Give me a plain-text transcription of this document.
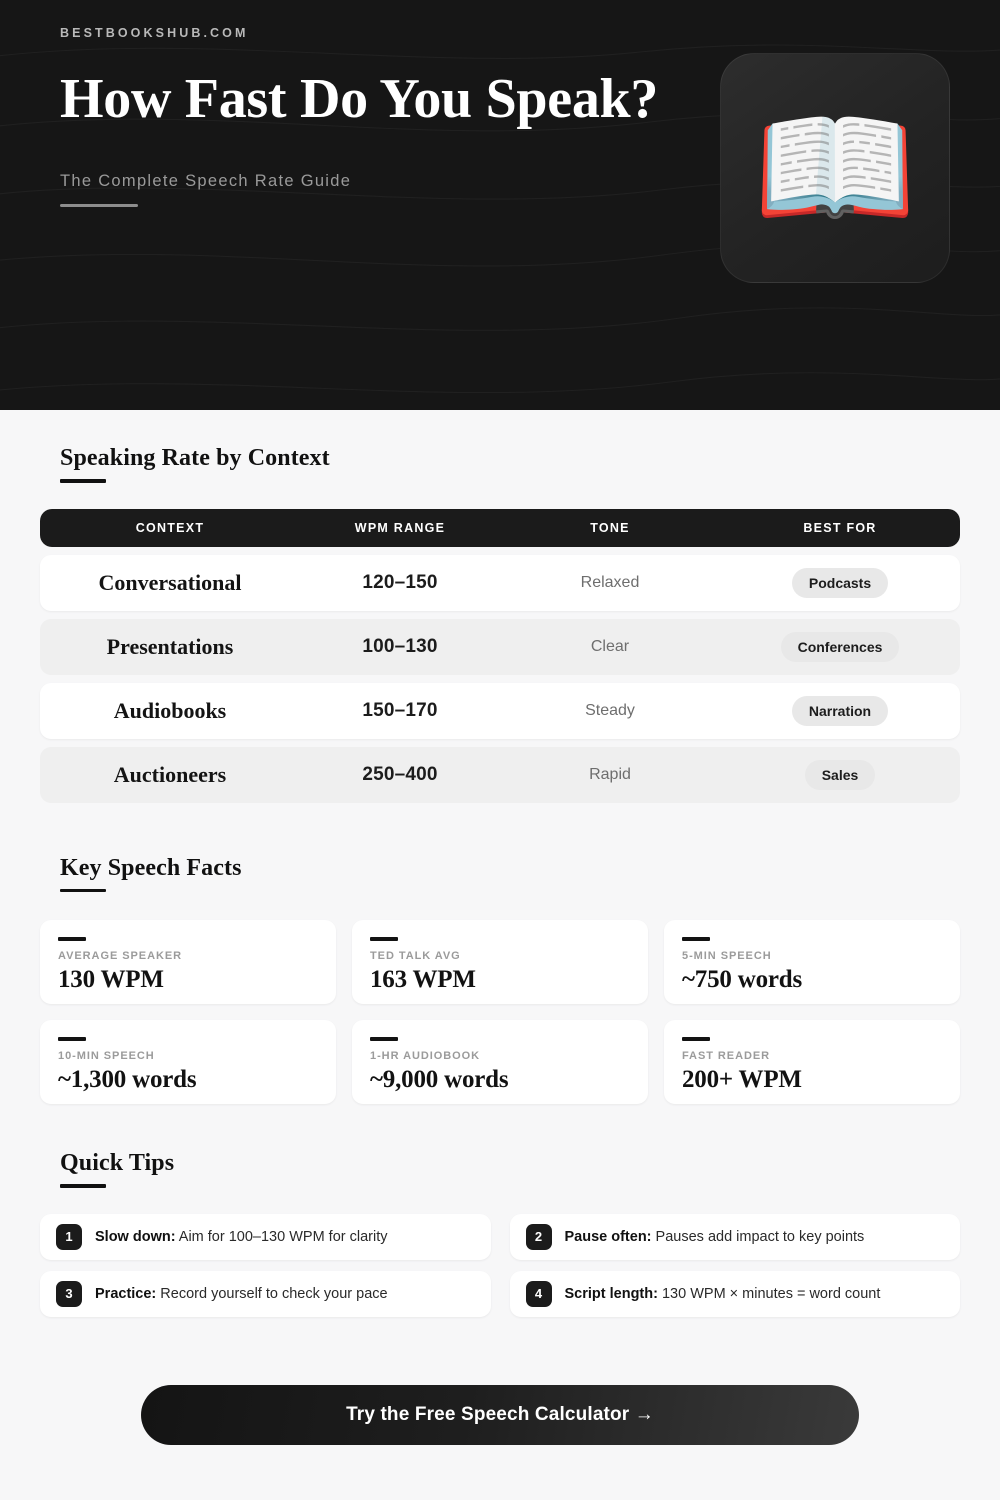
BESTBOOKSHUB.COM
How Fast Do You Speak?
The Complete Speech Rate Guide	📖
Speaking Rate by Context
CONTEXT	WPM RANGE	TONE	BEST FOR
Conversational	120–150	Relaxed	Podcasts
Presentations	100–130	Clear	Conferences
Audiobooks	150–170	Steady	Narration
Auctioneers	250–400	Rapid	Sales
Key Speech Facts
AVERAGE SPEAKER
130 WPM
TED TALK AVG
163 WPM
5-MIN SPEECH
~750 words
10-MIN SPEECH
~1,300 words
1-HR AUDIOBOOK
~9,000 words
FAST READER
200+ WPM
Quick Tips
1	Slow down: Aim for 100–130 WPM for clarity	2	Pause often: Pauses add impact to key points
3	Practice: Record yourself to check your pace	4	Script length: 130 WPM × minutes = word count
Try the Free Speech Calculator →
